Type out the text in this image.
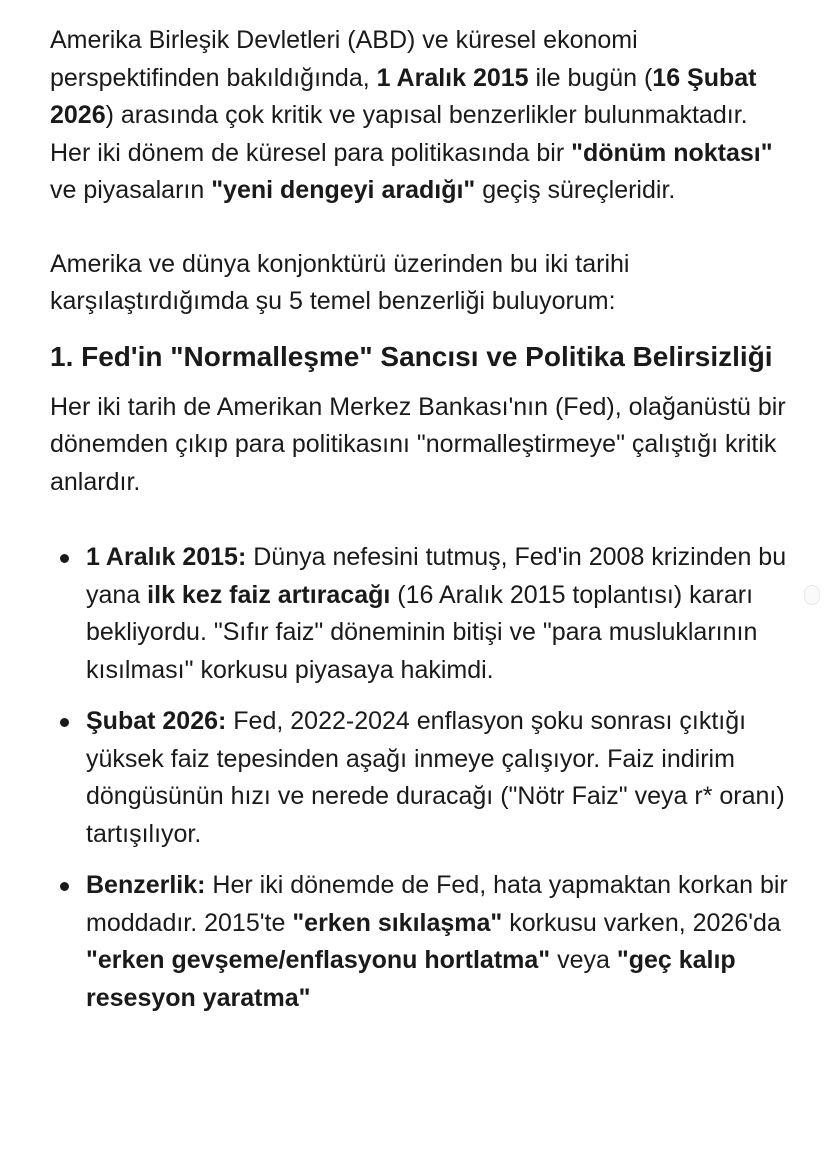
Amerika Birleşik Devletleri (ABD) ve küresel ekonomi perspektifinden bakıldığında, 1 Aralık 2015 ile bugün (16 Şubat 2026) arasında çok kritik ve yapısal benzerlikler bulunmaktadır. Her iki dönem de küresel para politikasında bir "dönüm noktası" ve piyasaların "yeni dengeyi aradığı" geçiş süreçleridir.

Amerika ve dünya konjonktürü üzerinden bu iki tarihi karşılaştırdığımda şu 5 temel benzerliği buluyorum:

1. Fed'in "Normalleşme" Sancısı ve Politika Belirsizliği

Her iki tarih de Amerikan Merkez Bankası'nın (Fed), olağanüstü bir dönemden çıkıp para politikasını "normalleştirmeye" çalıştığı kritik anlardır.

1 Aralık 2015: Dünya nefesini tutmuş, Fed'in 2008 krizinden bu yana ilk kez faiz artıracağı (16 Aralık 2015 toplantısı) kararı bekliyordu. "Sıfır faiz" döneminin bitişi ve "para musluklarının kısılması" korkusu piyasaya hakimdi.
Şubat 2026: Fed, 2022-2024 enflasyon şoku sonrası çıktığı yüksek faiz tepesinden aşağı inmeye çalışıyor. Faiz indirim döngüsünün hızı ve nerede duracağı ("Nötr Faiz" veya r* oranı) tartışılıyor.
Benzerlik: Her iki dönemde de Fed, hata yapmaktan korkan bir moddadır. 2015'te "erken sıkılaşma" korkusu varken, 2026'da "erken gevşeme/enflasyonu hortlatma" veya "geç kalıp resesyon yaratma"
